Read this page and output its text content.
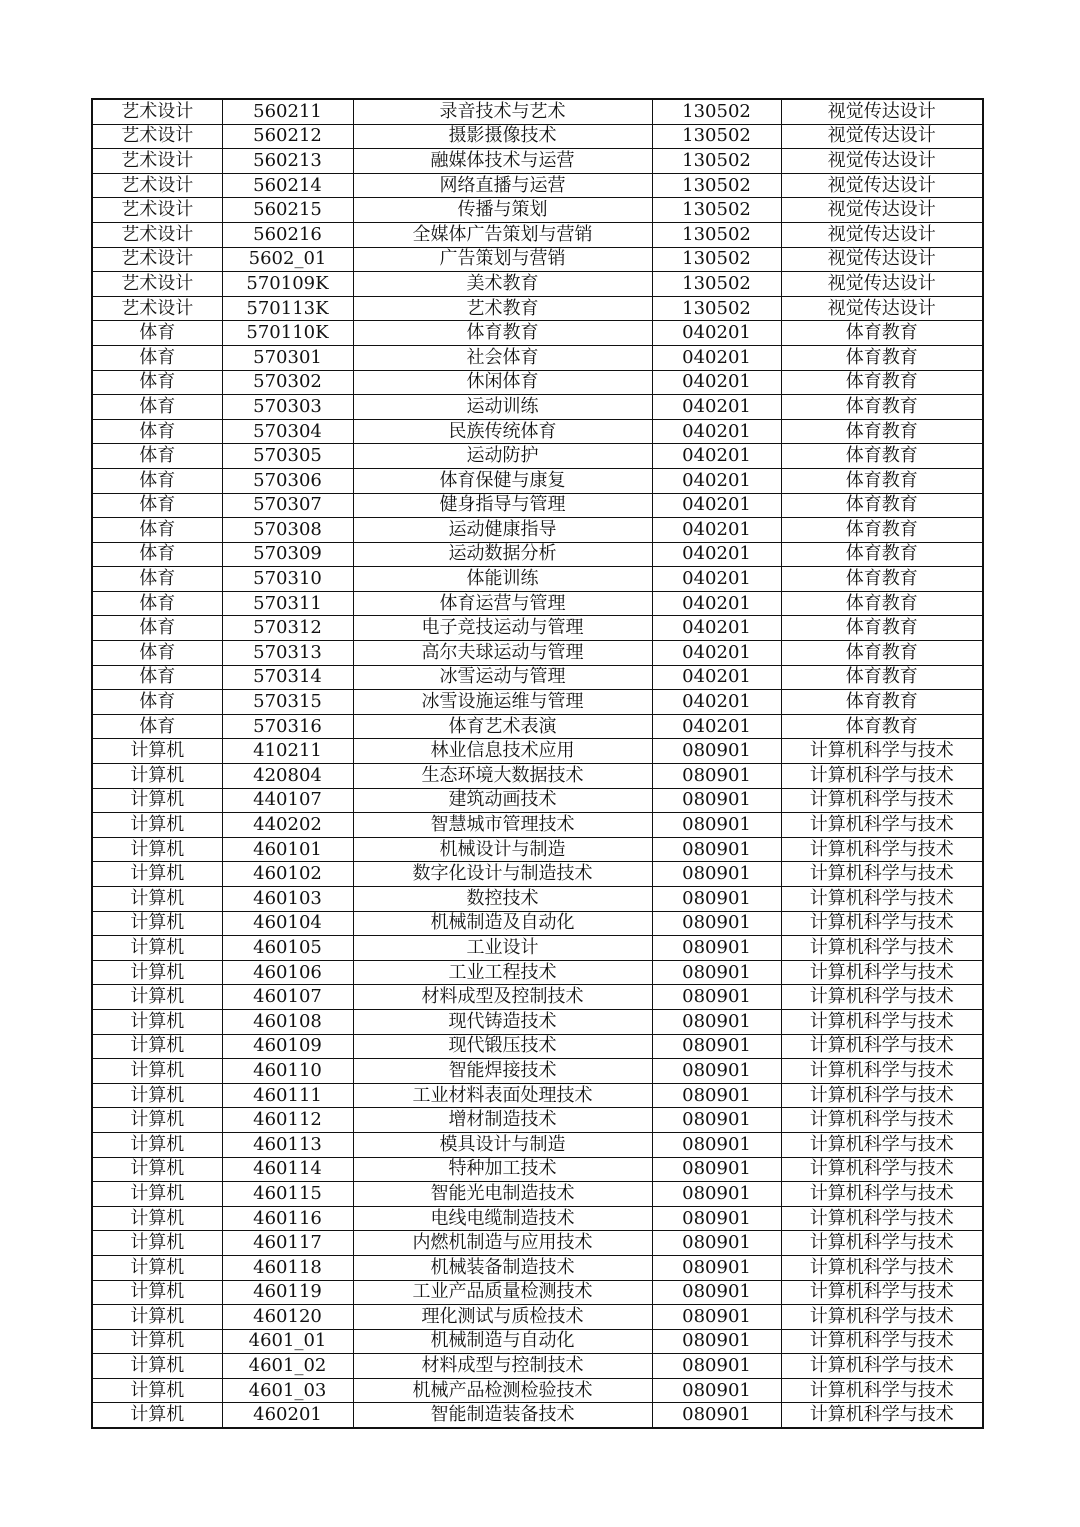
艺术设计	560211	录音技术与艺术	130502	视觉传达设计
艺术设计	560212	摄影摄像技术	130502	视觉传达设计
艺术设计	560213	融媒体技术与运营	130502	视觉传达设计
艺术设计	560214	网络直播与运营	130502	视觉传达设计
艺术设计	560215	传播与策划	130502	视觉传达设计
艺术设计	560216	全媒体广告策划与营销	130502	视觉传达设计
艺术设计	5602_01	广告策划与营销	130502	视觉传达设计
艺术设计	570109K	美术教育	130502	视觉传达设计
艺术设计	570113K	艺术教育	130502	视觉传达设计
体育	570110K	体育教育	040201	体育教育
体育	570301	社会体育	040201	体育教育
体育	570302	休闲体育	040201	体育教育
体育	570303	运动训练	040201	体育教育
体育	570304	民族传统体育	040201	体育教育
体育	570305	运动防护	040201	体育教育
体育	570306	体育保健与康复	040201	体育教育
体育	570307	健身指导与管理	040201	体育教育
体育	570308	运动健康指导	040201	体育教育
体育	570309	运动数据分析	040201	体育教育
体育	570310	体能训练	040201	体育教育
体育	570311	体育运营与管理	040201	体育教育
体育	570312	电子竞技运动与管理	040201	体育教育
体育	570313	高尔夫球运动与管理	040201	体育教育
体育	570314	冰雪运动与管理	040201	体育教育
体育	570315	冰雪设施运维与管理	040201	体育教育
体育	570316	体育艺术表演	040201	体育教育
计算机	410211	林业信息技术应用	080901	计算机科学与技术
计算机	420804	生态环境大数据技术	080901	计算机科学与技术
计算机	440107	建筑动画技术	080901	计算机科学与技术
计算机	440202	智慧城市管理技术	080901	计算机科学与技术
计算机	460101	机械设计与制造	080901	计算机科学与技术
计算机	460102	数字化设计与制造技术	080901	计算机科学与技术
计算机	460103	数控技术	080901	计算机科学与技术
计算机	460104	机械制造及自动化	080901	计算机科学与技术
计算机	460105	工业设计	080901	计算机科学与技术
计算机	460106	工业工程技术	080901	计算机科学与技术
计算机	460107	材料成型及控制技术	080901	计算机科学与技术
计算机	460108	现代铸造技术	080901	计算机科学与技术
计算机	460109	现代锻压技术	080901	计算机科学与技术
计算机	460110	智能焊接技术	080901	计算机科学与技术
计算机	460111	工业材料表面处理技术	080901	计算机科学与技术
计算机	460112	增材制造技术	080901	计算机科学与技术
计算机	460113	模具设计与制造	080901	计算机科学与技术
计算机	460114	特种加工技术	080901	计算机科学与技术
计算机	460115	智能光电制造技术	080901	计算机科学与技术
计算机	460116	电线电缆制造技术	080901	计算机科学与技术
计算机	460117	内燃机制造与应用技术	080901	计算机科学与技术
计算机	460118	机械装备制造技术	080901	计算机科学与技术
计算机	460119	工业产品质量检测技术	080901	计算机科学与技术
计算机	460120	理化测试与质检技术	080901	计算机科学与技术
计算机	4601_01	机械制造与自动化	080901	计算机科学与技术
计算机	4601_02	材料成型与控制技术	080901	计算机科学与技术
计算机	4601_03	机械产品检测检验技术	080901	计算机科学与技术
计算机	460201	智能制造装备技术	080901	计算机科学与技术
